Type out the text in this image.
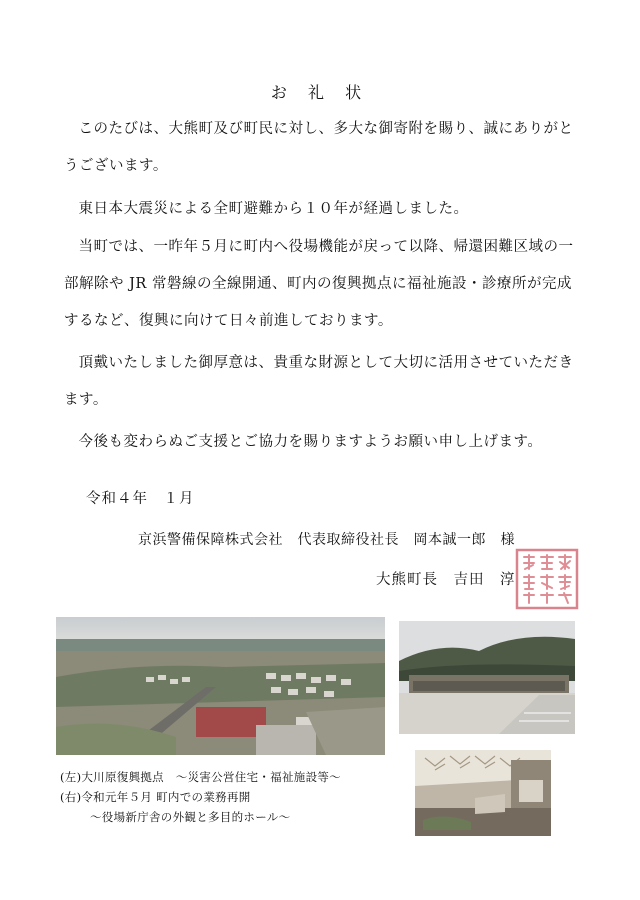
お 礼 状
このたびは、大熊町及び町民に対し、多大な御寄附を賜り、誠にありがとうございます。
東日本大震災による全町避難から１０年が経過しました。
当町では、一昨年５月に町内へ役場機能が戻って以降、帰還困難区域の一部解除や JR 常磐線の全線開通、町内の復興拠点に福祉施設・診療所が完成するなど、復興に向けて日々前進しております。
頂戴いたしました御厚意は、貴重な財源として大切に活用させていただきます。
今後も変わらぬご支援とご協力を賜りますようお願い申し上げます。
令和４年　１月
京浜警備保障株式会社　代表取締役社長　岡本誠一郎　様
大熊町長　吉田　淳
(左)大川原復興拠点　～災害公営住宅・福祉施設等～
(右)令和元年５月 町内での業務再開
～役場新庁舎の外観と多目的ホール～
